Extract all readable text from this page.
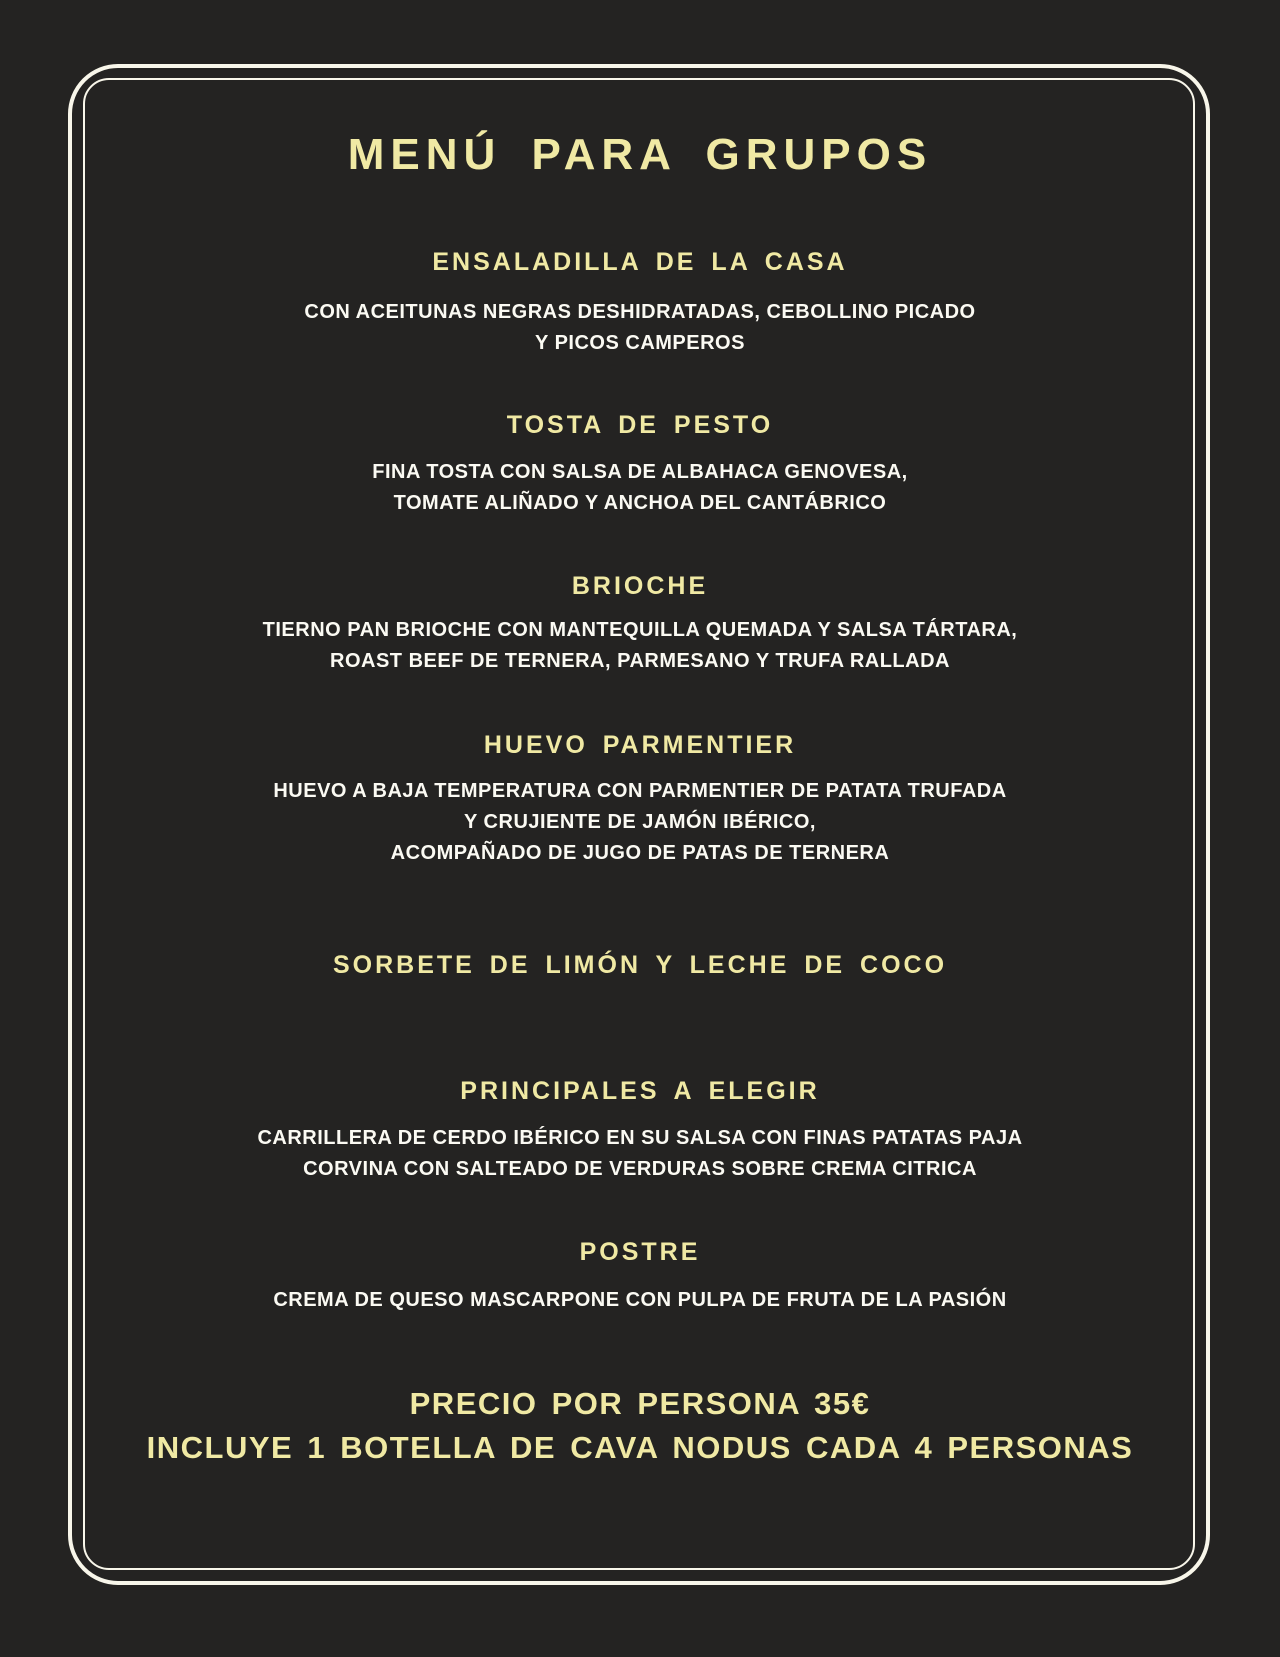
MENÚ PARA GRUPOS
ENSALADILLA DE LA CASA
CON ACEITUNAS NEGRAS DESHIDRATADAS, CEBOLLINO PICADO
Y PICOS CAMPEROS
TOSTA DE PESTO
FINA TOSTA CON SALSA DE ALBAHACA GENOVESA,
TOMATE ALIÑADO Y ANCHOA DEL CANTÁBRICO
BRIOCHE
TIERNO PAN BRIOCHE CON MANTEQUILLA QUEMADA Y SALSA TÁRTARA,
ROAST BEEF DE TERNERA, PARMESANO Y TRUFA RALLADA
HUEVO PARMENTIER
HUEVO A BAJA TEMPERATURA CON PARMENTIER DE PATATA TRUFADA
Y CRUJIENTE DE JAMÓN IBÉRICO,
ACOMPAÑADO DE JUGO DE PATAS DE TERNERA
SORBETE DE LIMÓN Y LECHE DE COCO
PRINCIPALES A ELEGIR
CARRILLERA DE CERDO IBÉRICO EN SU SALSA CON FINAS PATATAS PAJA
CORVINA CON SALTEADO DE VERDURAS SOBRE CREMA CITRICA
POSTRE
CREMA DE QUESO MASCARPONE CON PULPA DE FRUTA DE LA PASIÓN
PRECIO POR PERSONA 35€
INCLUYE 1 BOTELLA DE CAVA NODUS CADA 4 PERSONAS
